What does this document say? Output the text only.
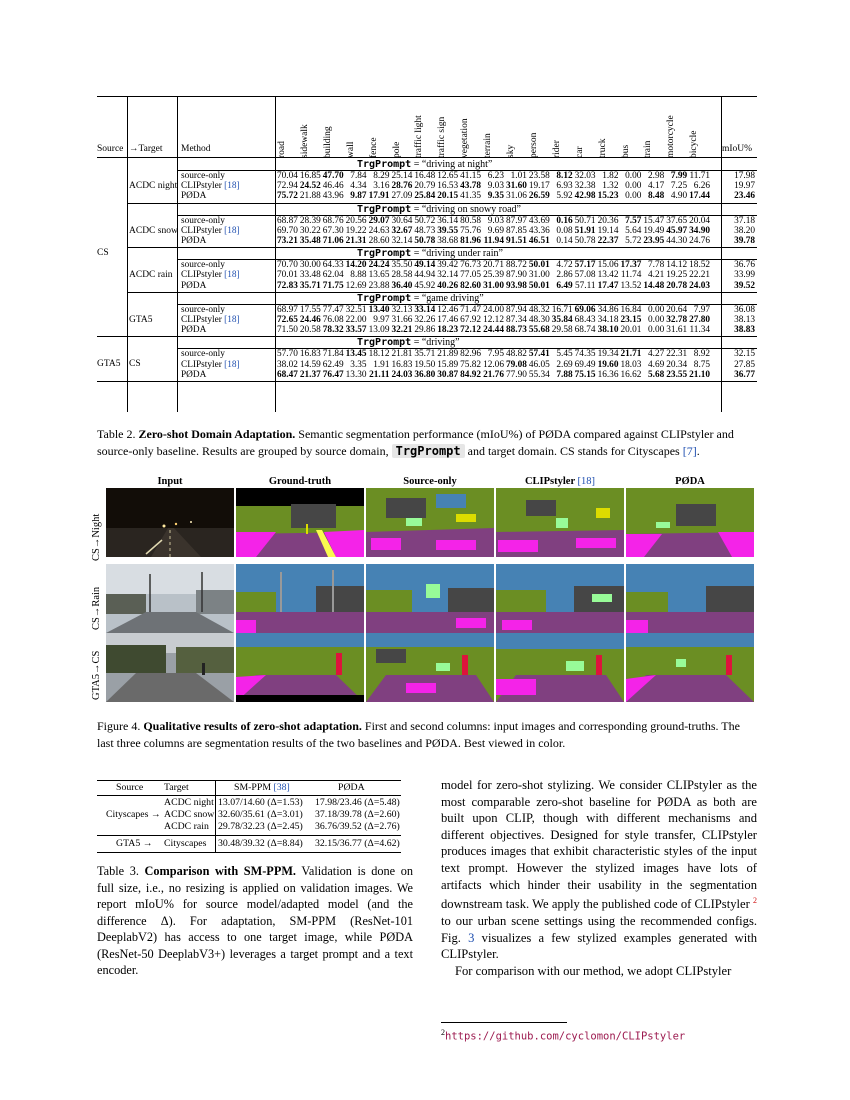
road sidewalk building wall fence pole traffic light traffic sign vegetation terrain sky person rider car truck bus train motorcycle bicycle
Source →Target Method	mIoU%
TrgPrompt = “driving at night”
ACDC night
source-only	70.04 16.85 47.70 7.84 8.29 25.14 16.48 12.65 41.15 6.23 1.01 23.58 8.12 32.03 1.82 0.00 2.98 7.99 11.71	17.98
CLIPstyler [18]	72.94 24.52 46.46 4.34 3.16 28.76 20.79 16.53 43.78 9.03 31.60 19.17 6.93 32.38 1.32 0.00 4.17 7.25 6.26	19.97
PØDA	75.72 21.88 43.96 9.87 17.91 27.09 25.84 20.15 41.35 9.35 31.06 26.59 5.92 42.98 15.23 0.00 8.48 4.90 17.44	23.46
TrgPrompt = “driving on snowy road”
ACDC snow
source-only	68.87 28.39 68.76 20.56 29.07 30.64 50.72 36.14 80.58 9.03 87.97 43.69 0.16 50.71 20.36 7.57 15.47 37.65 20.04	37.18
CLIPstyler [18]	69.70 30.22 67.30 19.22 24.63 32.67 48.73 39.55 75.76 9.69 87.85 43.36 0.08 51.91 19.14 5.64 19.49 45.97 34.90	38.20
PØDA	73.21 35.48 71.06 21.31 28.60 32.14 50.78 38.68 81.96 11.94 91.51 46.51 0.14 50.78 22.37 5.72 23.95 44.30 24.76	39.78
TrgPrompt = “driving under rain”
ACDC rain
CS
source-only	70.70 30.00 64.33 14.20 24.24 35.50 49.14 39.42 76.73 20.71 88.72 50.01 4.72 57.17 15.06 17.37 7.78 14.12 18.52	36.76
CLIPstyler [18]	70.01 33.48 62.04 8.88 13.65 28.58 44.94 32.14 77.05 25.39 87.90 31.00 2.86 57.08 13.42 11.74 4.21 19.25 22.21	33.99
PØDA	72.83 35.71 71.75 12.69 23.88 36.40 45.92 40.26 82.60 31.00 93.98 50.01 6.49 57.11 17.47 13.52 14.48 20.78 24.03	39.52
TrgPrompt = “game driving”
GTA5
source-only	68.97 17.55 77.47 32.51 13.40 32.13 33.14 12.46 71.47 24.00 87.94 48.32 16.71 69.06 34.86 16.84 0.00 20.64 7.97	36.08
CLIPstyler [18]	72.65 24.46 76.08 22.00 9.97 31.66 32.26 17.46 67.92 12.12 87.34 48.30 35.84 68.43 34.18 23.15 0.00 32.78 27.80	38.13
PØDA	71.50 20.58 78.32 33.57 13.09 32.21 29.86 18.23 72.12 24.44 88.73 55.68 29.58 68.74 38.10 20.01 0.00 31.61 11.34	38.83
TrgPrompt = “driving”
CS
GTA5
source-only	57.70 16.83 71.84 13.45 18.12 21.81 35.71 21.89 82.96 7.95 48.82 57.41 5.45 74.35 19.34 21.71 4.27 22.31 8.92	32.15
CLIPstyler [18]	38.02 14.59 62.49 3.35 1.91 16.83 19.50 15.89 75.82 12.06 79.08 46.05 2.69 69.49 19.60 18.03 4.69 20.34 8.75	27.85
PØDA	68.47 21.37 76.47 13.30 21.11 24.03 36.80 30.87 84.92 21.76 77.90 55.34 7.88 75.15 16.36 16.62 5.68 23.55 21.10	36.77
Table 2. Zero-shot Domain Adaptation. Semantic segmentation performance (mIoU%) of PØDA compared against CLIPstyler and source-only baseline. Results are grouped by source domain, TrgPrompt and target domain. CS stands for Cityscapes [7].
Input	Ground-truth	Source-only	CLIPstyler [18]	PØDA
CS→Night
CS→Rain
GTA5→CS
Figure 4. Qualitative results of zero-shot adaptation. First and second columns: input images and corresponding ground-truths. The last three columns are segmentation results of the two baselines and PØDA. Best viewed in color.
Source Target	SM-PPM [38]	PØDA
Cityscapes →
ACDC night 13.07/14.60 (Δ=1.53) 17.98/23.46 (Δ=5.48)
ACDC snow 32.60/35.61 (Δ=3.01) 37.18/39.78 (Δ=2.60)
ACDC rain 29.78/32.23 (Δ=2.45) 36.76/39.52 (Δ=2.76)
GTA5 → Cityscapes 30.48/39.32 (Δ=8.84) 32.15/36.77 (Δ=4.62)
Table 3. Comparison with SM-PPM. Validation is done on full size, i.e., no resizing is applied on validation images. We report mIoU% for source model/adapted model (and the difference Δ). For adaptation, SM-PPM (ResNet-101 DeeplabV2) has access to one target image, while PØDA (ResNet-50 DeeplabV3+) leverages a target prompt and a text encoder.

model for zero-shot stylizing. We consider CLIPstyler as the most comparable zero-shot baseline for PØDA as both are built upon CLIP, though with different mechanisms and different objectives. Designed for style transfer, CLIPstyler produces images that exhibit characteristic styles of the input text prompt. However the stylized images have lots of artifacts which hinder their usability in the segmentation downstream task. We apply the published code of CLIPstyler $^2$ to our urban scene settings using the recommended configs. Fig. 3 visualizes a few stylized examples generated with CLIPstyler.

For comparison with our method, we adopt CLIPstyler

$^2$https://github.com/cyclomon/CLIPstyler
